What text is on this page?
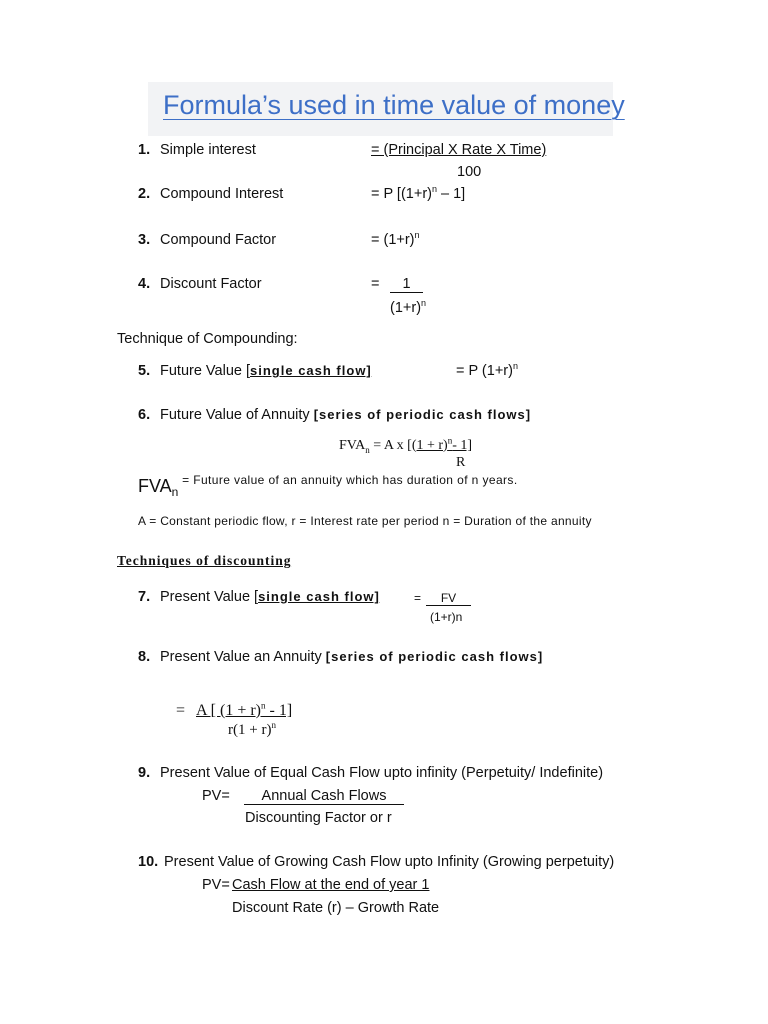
Formula’s used in time value of money
1. Simple interest	= (Principal X Rate X Time)
100
2. Compound Interest	= P $[(1+r)^n - 1]$
3. Compound Factor	= $(1+r)^n$
4. Discount Factor	=	1
$(1+r)^n$
Technique of Compounding:
5. Future Value [single cash flow]	= P $(1+r)^n$
6. Future Value of Annuity [series of periodic cash flows]
$FVA_n = A$ x [$(1 + r)^n-$ 1]
R
$FVA_n$ $^{= Future value of an annuity which has duration of n years.}$
A = Constant periodic flow, r = Interest rate per period n = Duration of the annuity
Techniques of discounting
7. Present Value [single cash flow]	=	FV
(1+r)n
8. Present Value an Annuity [series of periodic cash flows]
= A [ $(1 + r)^n - 1$]
$r(1 + r)^n$
9. Present Value of Equal Cash Flow upto infinity (Perpetuity/ Indefinite)
PV=	Annual Cash Flows
Discounting Factor or r
10. Present Value of Growing Cash Flow upto Infinity (Growing perpetuity)
PV= Cash Flow at the end of year 1
Discount Rate (r) – Growth Rate
